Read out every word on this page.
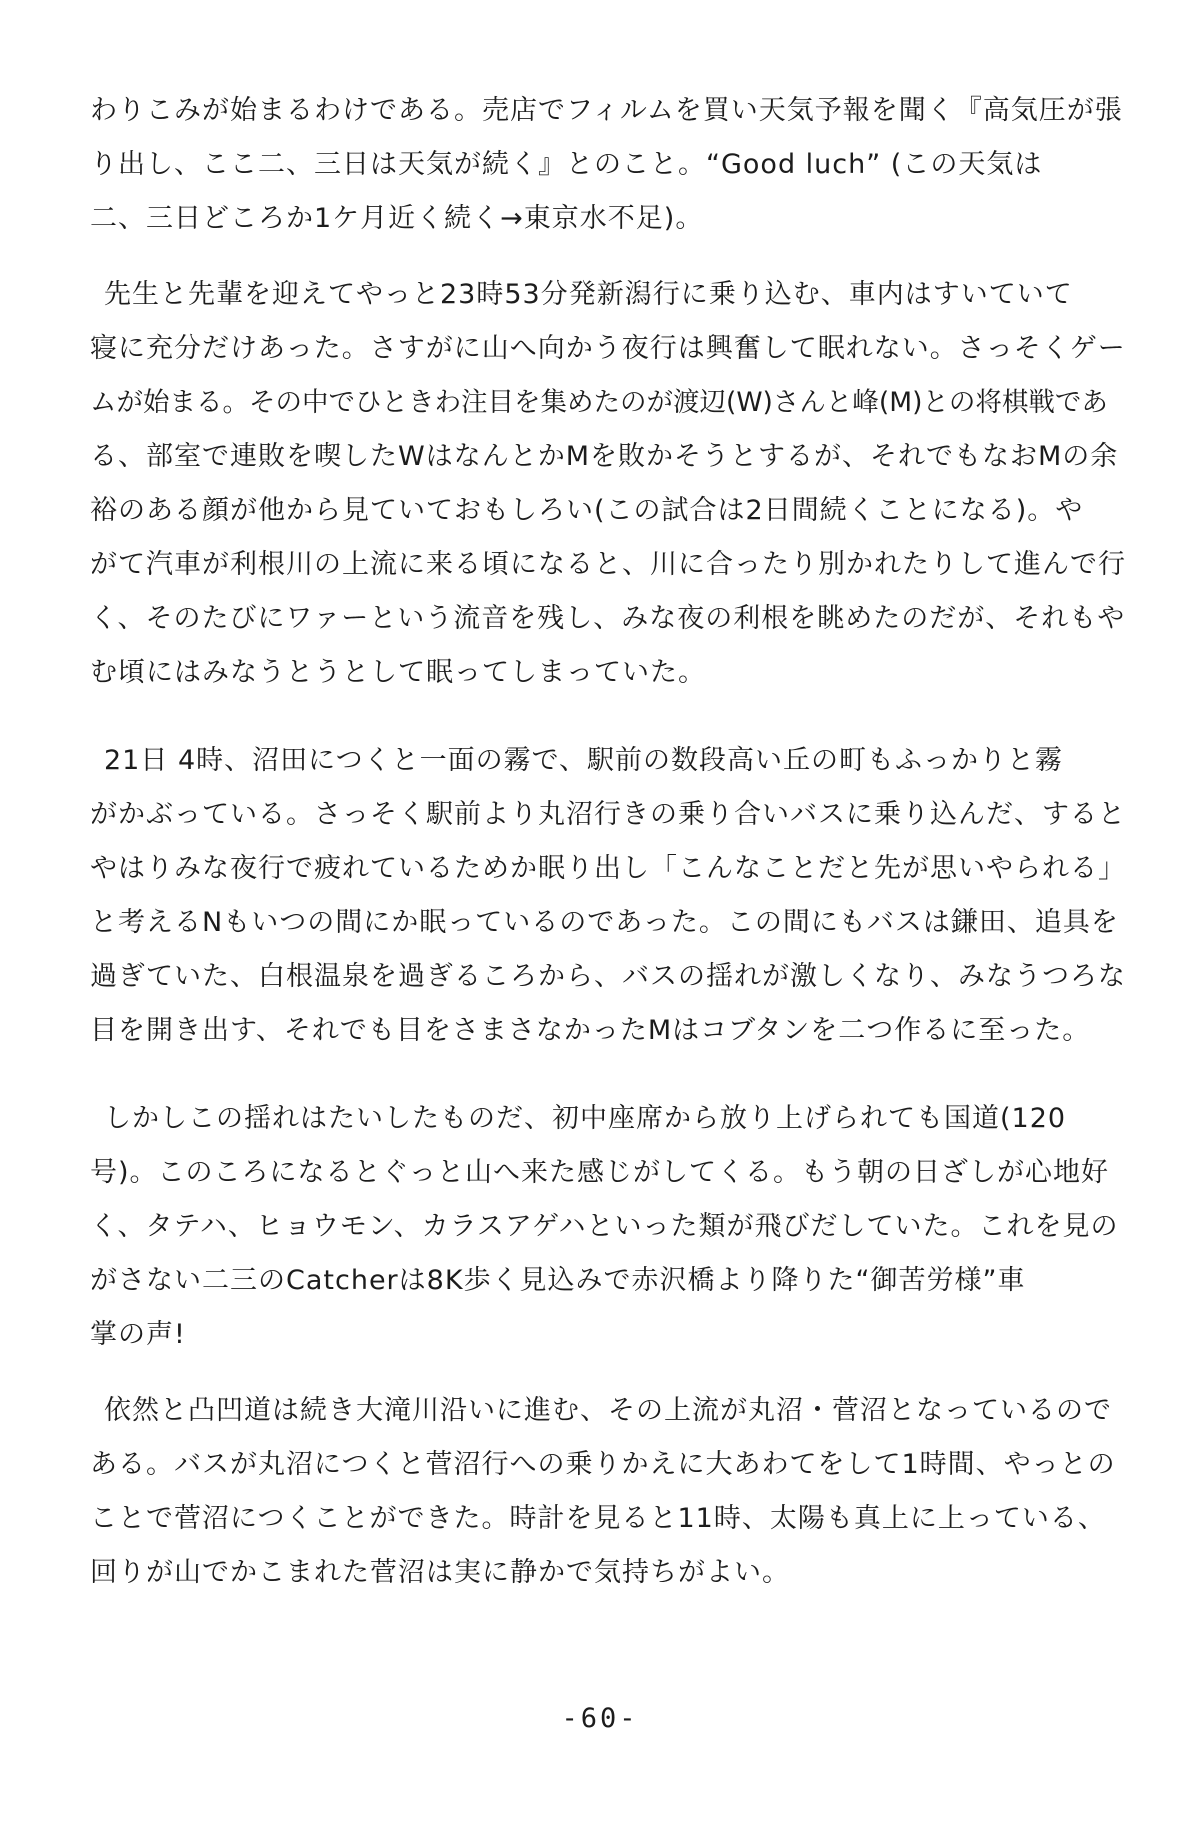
わりこみが始まるわけである。売店でフィルムを買い天気予報を聞く『高気圧が張
り出し、ここ二、三日は天気が続く』とのこと。“Good luch” (この天気は
二、三日どころか1ケ月近く続く→東京水不足)。
先生と先輩を迎えてやっと23時53分発新潟行に乗り込む、車内はすいていて
寝に充分だけあった。さすがに山へ向かう夜行は興奮して眠れない。さっそくゲー
ムが始まる。その中でひときわ注目を集めたのが渡辺(W)さんと峰(M)との将棋戦であ
る、部室で連敗を喫したWはなんとかMを敗かそうとするが、それでもなおMの余
裕のある顔が他から見ていておもしろい(この試合は2日間続くことになる)。や
がて汽車が利根川の上流に来る頃になると、川に合ったり別かれたりして進んで行
く、そのたびにワァーという流音を残し、みな夜の利根を眺めたのだが、それもや
む頃にはみなうとうとして眠ってしまっていた。
21日 4時、沼田につくと一面の霧で、駅前の数段高い丘の町もふっかりと霧
がかぶっている。さっそく駅前より丸沼行きの乗り合いバスに乗り込んだ、すると
やはりみな夜行で疲れているためか眠り出し「こんなことだと先が思いやられる」
と考えるNもいつの間にか眠っているのであった。この間にもバスは鎌田、追具を
過ぎていた、白根温泉を過ぎるころから、バスの揺れが激しくなり、みなうつろな
目を開き出す、それでも目をさまさなかったMはコブタンを二つ作るに至った。
しかしこの揺れはたいしたものだ、初中座席から放り上げられても国道(120
号)。このころになるとぐっと山へ来た感じがしてくる。もう朝の日ざしが心地好
く、タテハ、ヒョウモン、カラスアゲハといった類が飛びだしていた。これを見の
がさない二三のCatcherは8K歩く見込みで赤沢橋より降りた“御苦労様”車
掌の声!
依然と凸凹道は続き大滝川沿いに進む、その上流が丸沼・菅沼となっているので
ある。バスが丸沼につくと菅沼行への乗りかえに大あわてをして1時間、やっとの
ことで菅沼につくことができた。時計を見ると11時、太陽も真上に上っている、
回りが山でかこまれた菅沼は実に静かで気持ちがよい。
-60-
